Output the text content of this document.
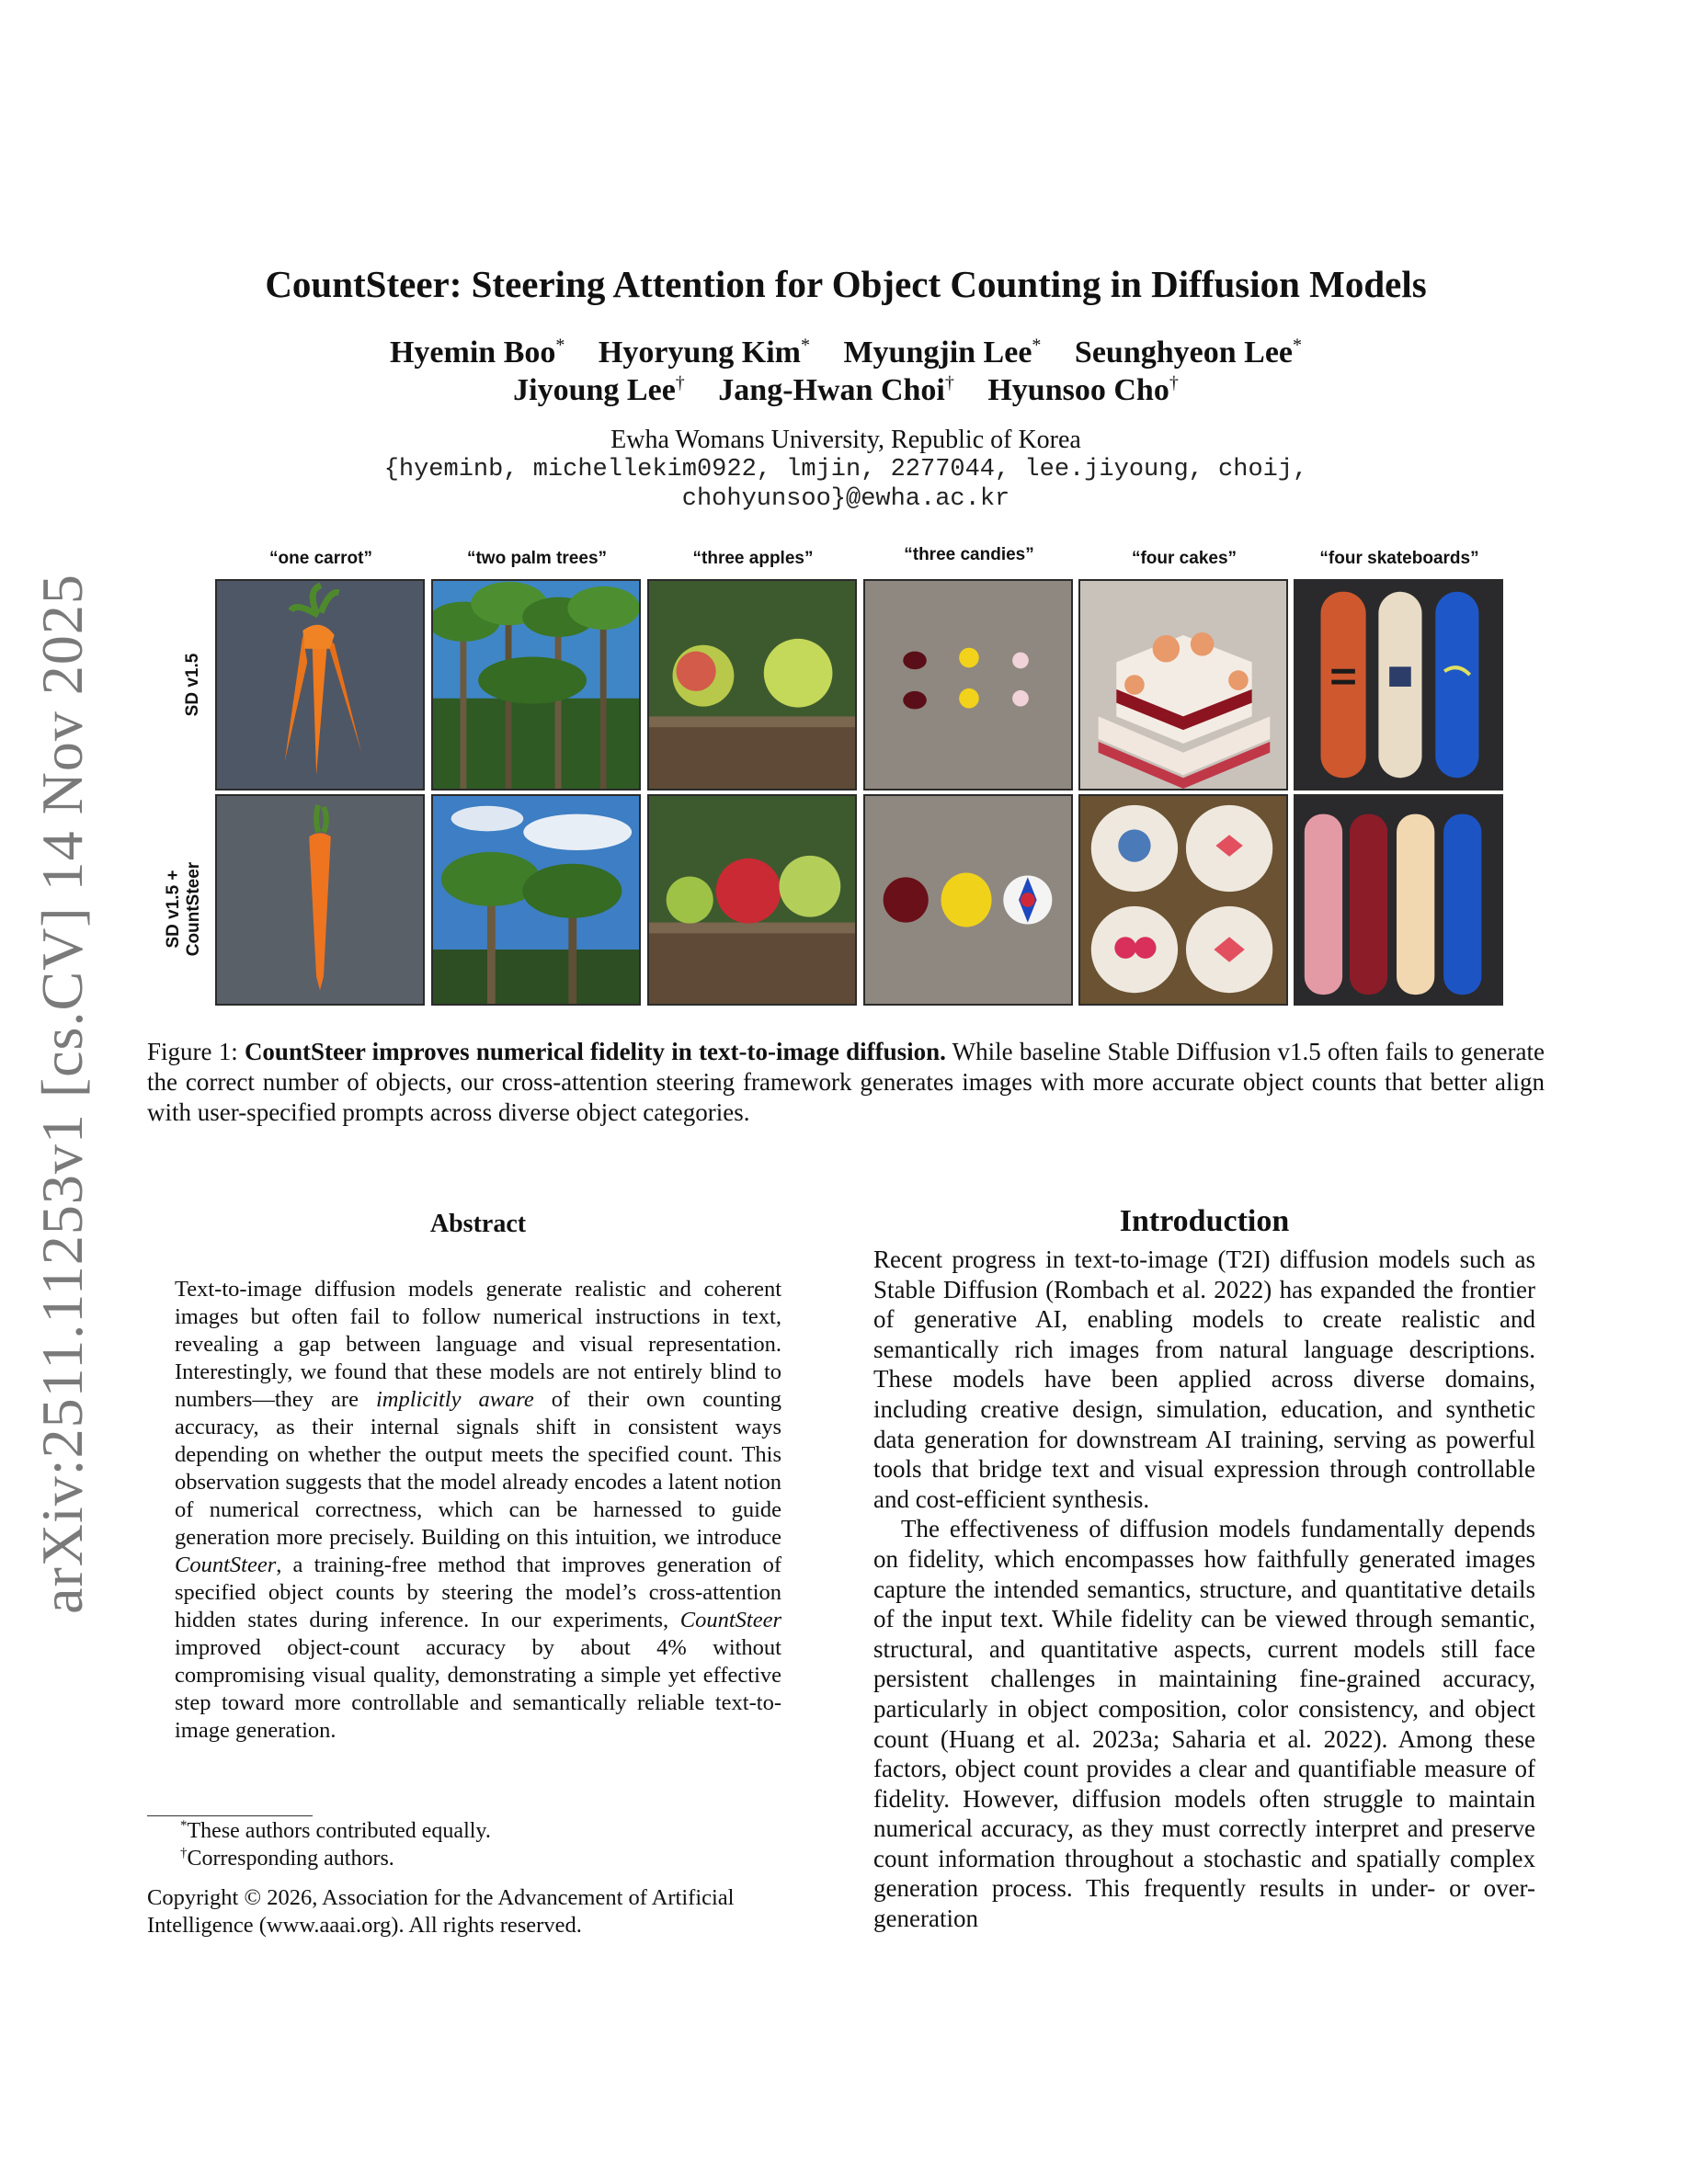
arXiv:2511.11253v1 [cs.CV] 14 Nov 2025
CountSteer: Steering Attention for Object Counting in Diffusion Models
Hyemin Boo* Hyoryung Kim* Myungjin Lee* Seunghyeon Lee*
Jiyoung Lee† Jang-Hwan Choi† Hyunsoo Cho†
Ewha Womans University, Republic of Korea
{hyeminb, michellekim0922, lmjin, 2277044, lee.jiyoung, choij,
chohyunsoo}@ewha.ac.kr
“one carrot”	“two palm trees”	“three apples”	“three candies”	“four cakes”	“four skateboards”
SD v1.5
SD v1.5 + CountSteer
Figure 1: CountSteer improves numerical fidelity in text-to-image diffusion. While baseline Stable Diffusion v1.5 often fails to generate the correct number of objects, our cross-attention steering framework generates images with more accurate object counts that better align with user-specified prompts across diverse object categories.
Abstract
Text-to-image diffusion models generate realistic and coherent images but often fail to follow numerical instructions in text, revealing a gap between language and visual representation. Interestingly, we found that these models are not entirely blind to numbers—they are implicitly aware of their own counting accuracy, as their internal signals shift in consistent ways depending on whether the output meets the specified count. This observation suggests that the model already encodes a latent notion of numerical correctness, which can be harnessed to guide generation more precisely. Building on this intuition, we introduce CountSteer, a training-free method that improves generation of specified object counts by steering the model’s cross-attention hidden states during inference. In our experiments, CountSteer improved object-count accuracy by about 4% without compromising visual quality, demonstrating a simple yet effective step toward more controllable and semantically reliable text-to-image generation.
*These authors contributed equally.
†Corresponding authors.
Copyright © 2026, Association for the Advancement of Artificial Intelligence (www.aaai.org). All rights reserved.
Introduction

Recent progress in text-to-image (T2I) diffusion models such as Stable Diffusion (Rombach et al. 2022) has expanded the frontier of generative AI, enabling models to create realistic and semantically rich images from natural language descriptions. These models have been applied across diverse domains, including creative design, simulation, education, and synthetic data generation for downstream AI training, serving as powerful tools that bridge text and visual expression through controllable and cost-efficient synthesis.

The effectiveness of diffusion models fundamentally depends on fidelity, which encompasses how faithfully generated images capture the intended semantics, structure, and quantitative details of the input text. While fidelity can be viewed through semantic, structural, and quantitative aspects, current models still face persistent challenges in maintaining fine-grained accuracy, particularly in object composition, color consistency, and object count (Huang et al. 2023a; Saharia et al. 2022). Among these factors, object count provides a clear and quantifiable measure of fidelity. However, diffusion models often struggle to maintain numerical accuracy, as they must correctly interpret and preserve count information throughout a stochastic and spatially complex generation process. This frequently results in under- or over-generation
